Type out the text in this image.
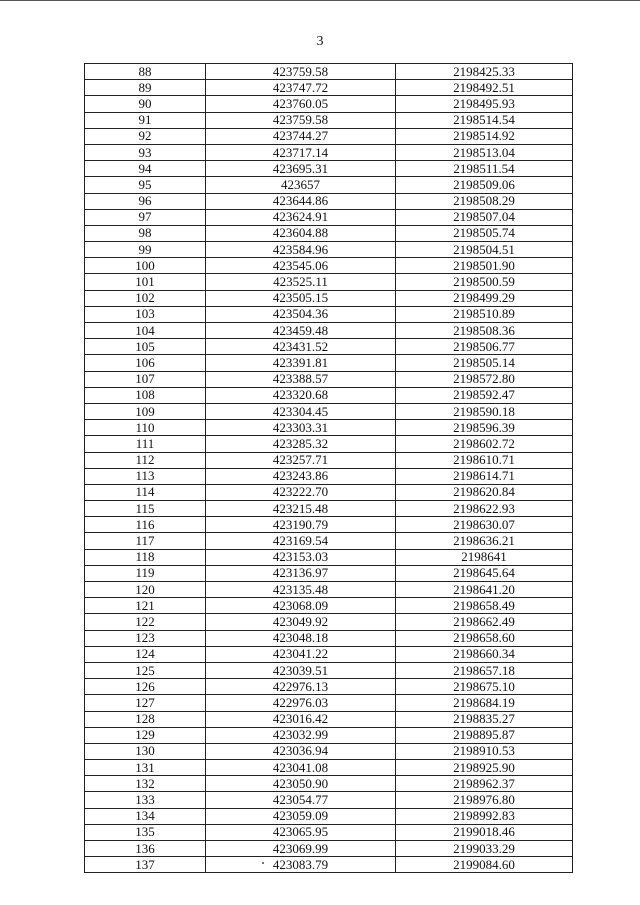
3
88	423759.58	2198425.33
89	423747.72	2198492.51
90	423760.05	2198495.93
91	423759.58	2198514.54
92	423744.27	2198514.92
93	423717.14	2198513.04
94	423695.31	2198511.54
95	423657	2198509.06
96	423644.86	2198508.29
97	423624.91	2198507.04
98	423604.88	2198505.74
99	423584.96	2198504.51
100	423545.06	2198501.90
101	423525.11	2198500.59
102	423505.15	2198499.29
103	423504.36	2198510.89
104	423459.48	2198508.36
105	423431.52	2198506.77
106	423391.81	2198505.14
107	423388.57	2198572.80
108	423320.68	2198592.47
109	423304.45	2198590.18
110	423303.31	2198596.39
111	423285.32	2198602.72
112	423257.71	2198610.71
113	423243.86	2198614.71
114	423222.70	2198620.84
115	423215.48	2198622.93
116	423190.79	2198630.07
117	423169.54	2198636.21
118	423153.03	2198641
119	423136.97	2198645.64
120	423135.48	2198641.20
121	423068.09	2198658.49
122	423049.92	2198662.49
123	423048.18	2198658.60
124	423041.22	2198660.34
125	423039.51	2198657.18
126	422976.13	2198675.10
127	422976.03	2198684.19
128	423016.42	2198835.27
129	423032.99	2198895.87
130	423036.94	2198910.53
131	423041.08	2198925.90
132	423050.90	2198962.37
133	423054.77	2198976.80
134	423059.09	2198992.83
135	423065.95	2199018.46
136	423069.99	2199033.29
137	423083.79	2199084.60
